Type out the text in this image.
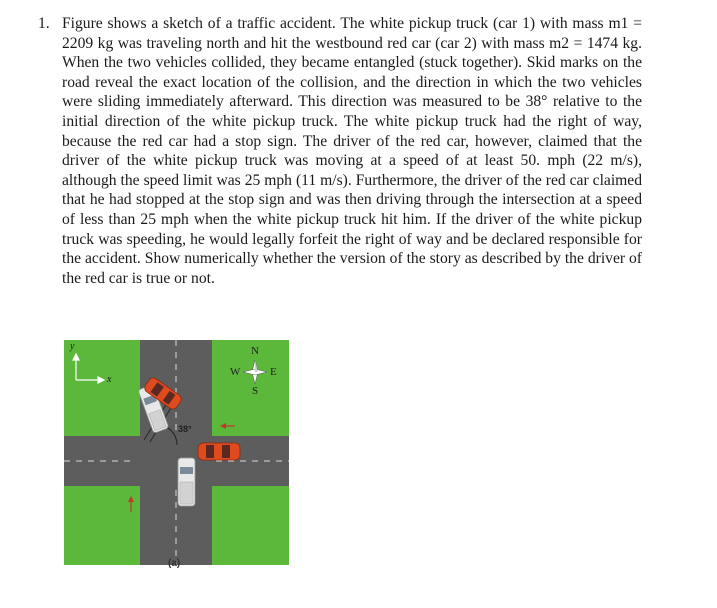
1. Figure shows a sketch of a traffic accident. The white pickup truck (car 1) with mass m1 = 2209 kg was traveling north and hit the westbound red car (car 2) with mass m2 = 1474 kg. When the two vehicles collided, they became entangled (stuck together). Skid marks on the road reveal the exact location of the collision, and the direction in which the two vehicles were sliding immediately afterward. This direction was measured to be 38° relative to the initial direction of the white pickup truck. The white pickup truck had the right of way, because the red car had a stop sign. The driver of the red car, however, claimed that the driver of the white pickup truck was moving at a speed of at least 50. mph (22 m/s), although the speed limit was 25 mph (11 m/s). Furthermore, the driver of the red car claimed that he had stopped at the stop sign and was then driving through the intersection at a speed of less than 25 mph when the white pickup truck hit him. If the driver of the white pickup truck was speeding, he would legally forfeit the right of way and be declared responsible for the accident. Show numerically whether the version of the story as described by the driver of the red car is true or not.
y
x
N
W	E
S
38°
(a)
